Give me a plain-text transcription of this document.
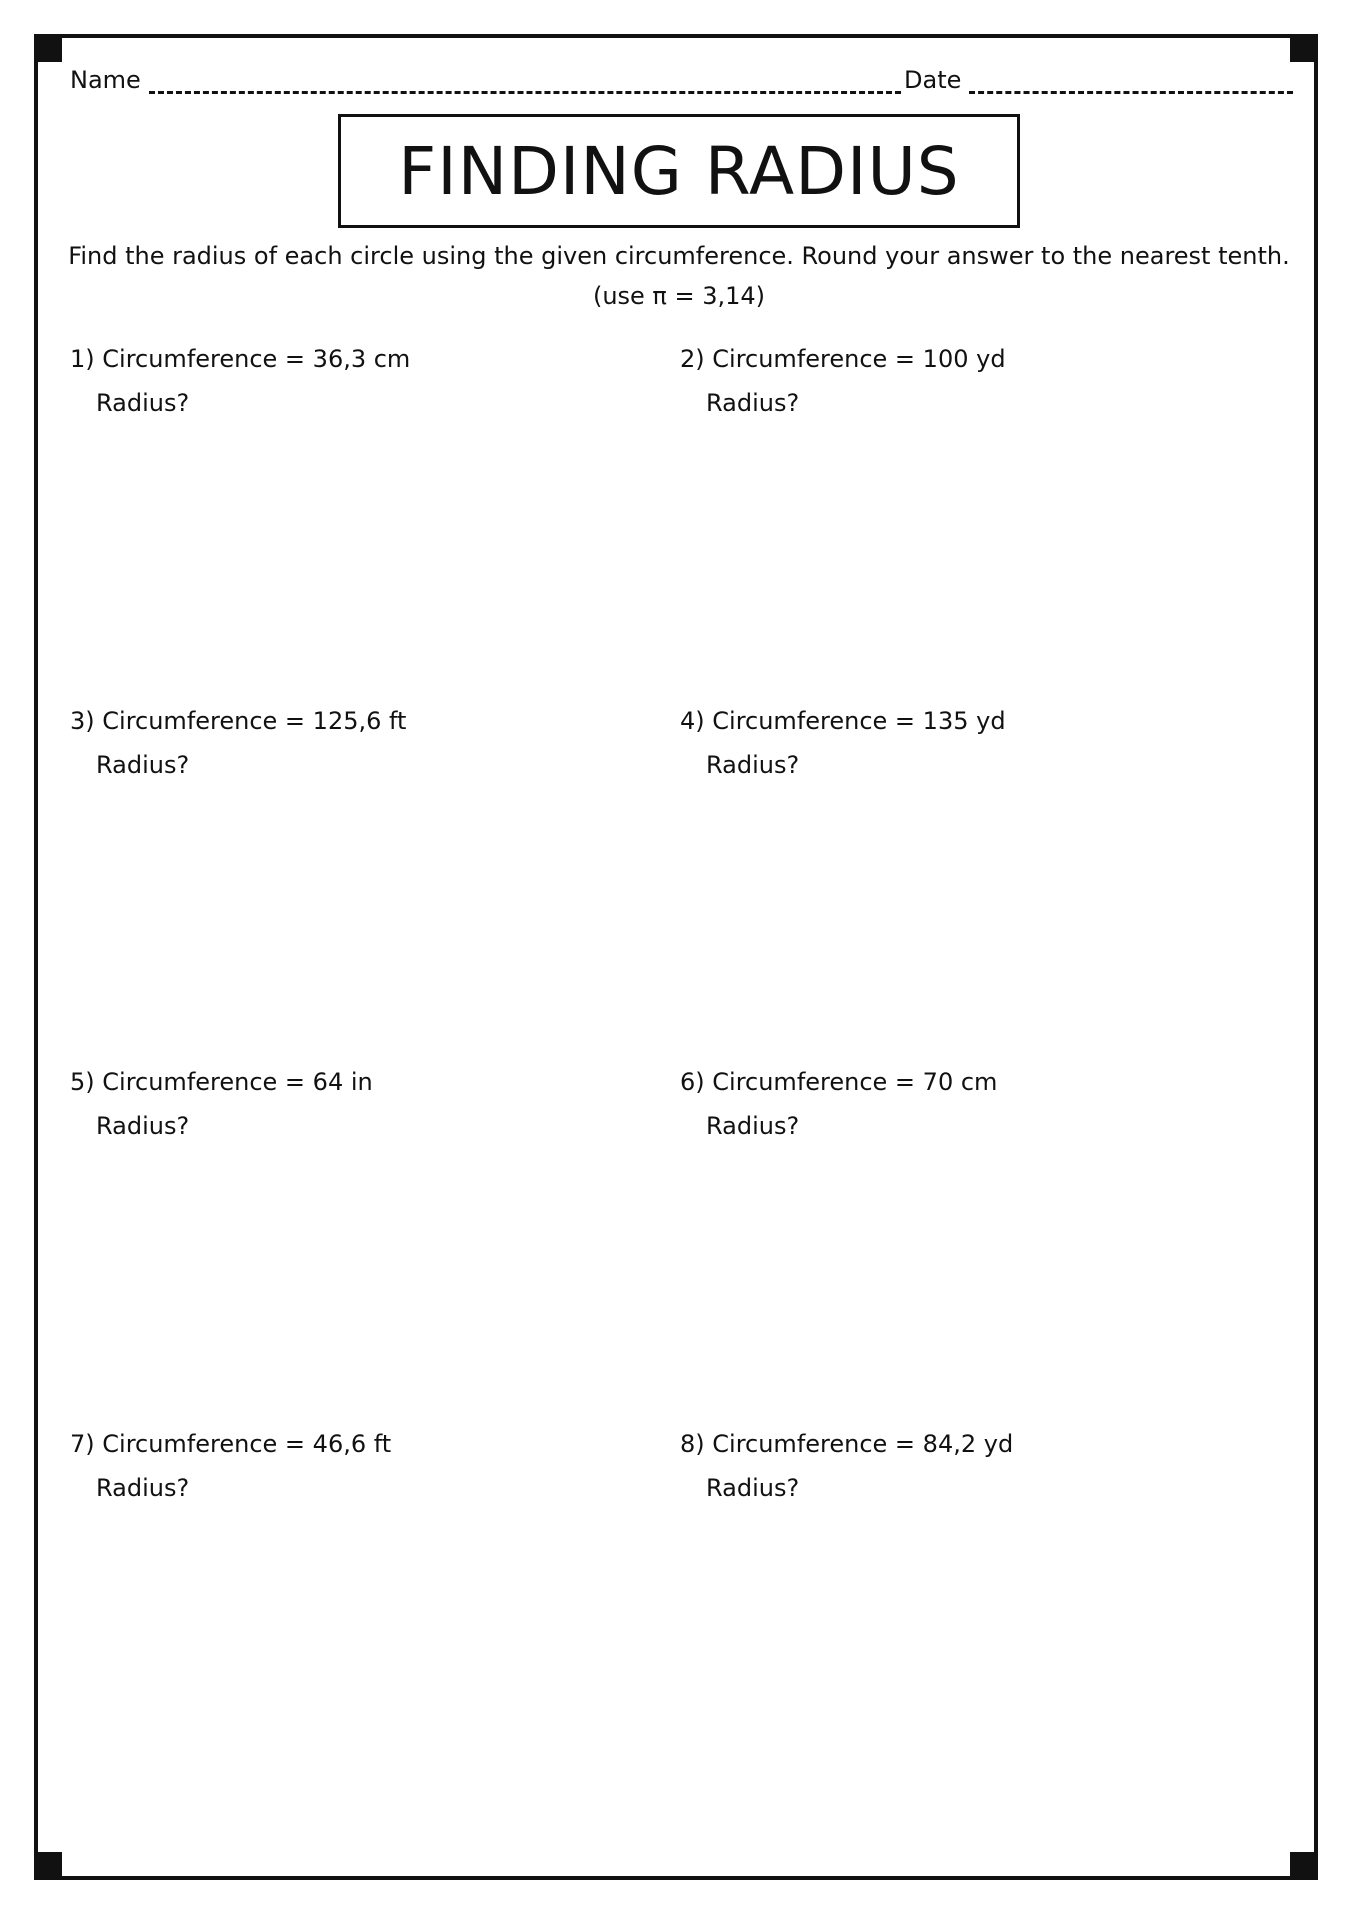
Name	Date
FINDING RADIUS
Find the radius of each circle using the given circumference. Round your answer to the nearest tenth.
(use π = 3,14)
1) Circumference = 36,3 cm
Radius?
2) Circumference = 100 yd
Radius?
3) Circumference = 125,6 ft
Radius?
4) Circumference = 135 yd
Radius?
5) Circumference = 64 in
Radius?
6) Circumference = 70 cm
Radius?
7) Circumference = 46,6 ft
Radius?
8) Circumference = 84,2 yd
Radius?
